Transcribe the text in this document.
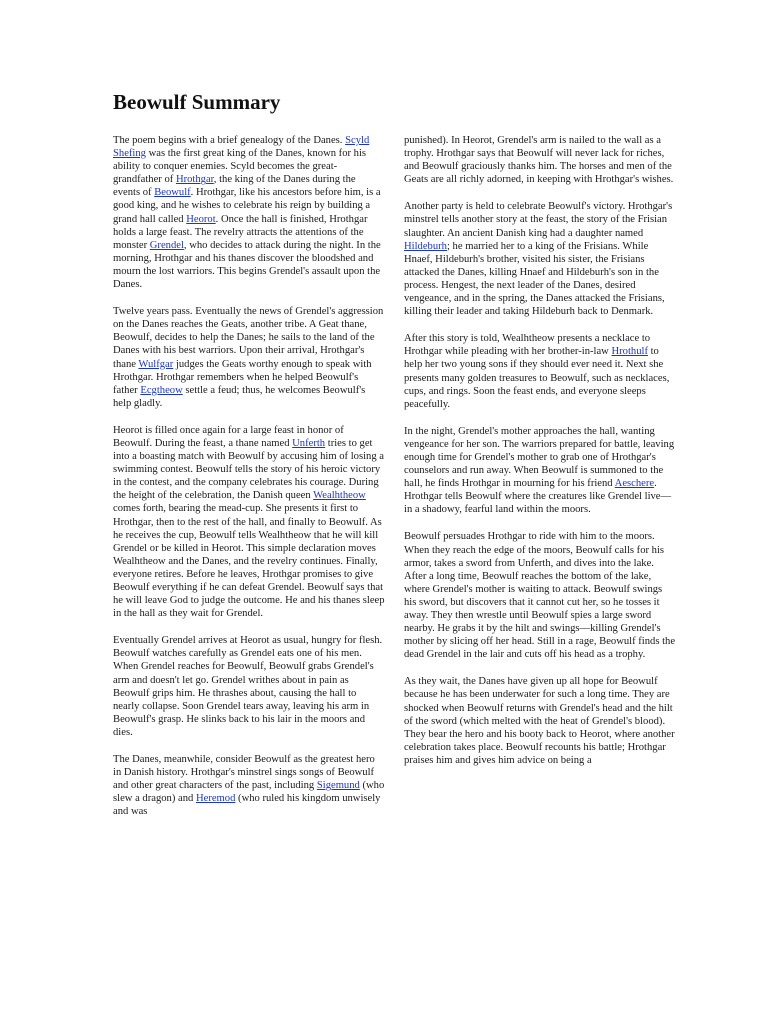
Beowulf Summary

The poem begins with a brief genealogy of the Danes. Scyld Shefing was the first great king of the Danes, known for his ability to conquer enemies. Scyld becomes the great-grandfather of Hrothgar, the king of the Danes during the events of Beowulf. Hrothgar, like his ancestors before him, is a good king, and he wishes to celebrate his reign by building a grand hall called Heorot. Once the hall is finished, Hrothgar holds a large feast. The revelry attracts the attentions of the monster Grendel, who decides to attack during the night. In the morning, Hrothgar and his thanes discover the bloodshed and mourn the lost warriors. This begins Grendel's assault upon the Danes.

Twelve years pass. Eventually the news of Grendel's aggression on the Danes reaches the Geats, another tribe. A Geat thane, Beowulf, decides to help the Danes; he sails to the land of the Danes with his best warriors. Upon their arrival, Hrothgar's thane Wulfgar judges the Geats worthy enough to speak with Hrothgar. Hrothgar remembers when he helped Beowulf's father Ecgtheow settle a feud; thus, he welcomes Beowulf's help gladly.

Heorot is filled once again for a large feast in honor of Beowulf. During the feast, a thane named Unferth tries to get into a boasting match with Beowulf by accusing him of losing a swimming contest. Beowulf tells the story of his heroic victory in the contest, and the company celebrates his courage. During the height of the celebration, the Danish queen Wealhtheow comes forth, bearing the mead-cup. She presents it first to Hrothgar, then to the rest of the hall, and finally to Beowulf. As he receives the cup, Beowulf tells Wealhtheow that he will kill Grendel or be killed in Heorot. This simple declaration moves Wealhtheow and the Danes, and the revelry continues. Finally, everyone retires. Before he leaves, Hrothgar promises to give Beowulf everything if he can defeat Grendel. Beowulf says that he will leave God to judge the outcome. He and his thanes sleep in the hall as they wait for Grendel.

Eventually Grendel arrives at Heorot as usual, hungry for flesh. Beowulf watches carefully as Grendel eats one of his men. When Grendel reaches for Beowulf, Beowulf grabs Grendel's arm and doesn't let go. Grendel writhes about in pain as Beowulf grips him. He thrashes about, causing the hall to nearly collapse. Soon Grendel tears away, leaving his arm in Beowulf's grasp. He slinks back to his lair in the moors and dies.

The Danes, meanwhile, consider Beowulf as the greatest hero in Danish history. Hrothgar's minstrel sings songs of Beowulf and other great characters of the past, including Sigemund (who slew a dragon) and Heremod (who ruled his kingdom unwisely and was

punished). In Heorot, Grendel's arm is nailed to the wall as a trophy. Hrothgar says that Beowulf will never lack for riches, and Beowulf graciously thanks him. The horses and men of the Geats are all richly adorned, in keeping with Hrothgar's wishes.

Another party is held to celebrate Beowulf's victory. Hrothgar's minstrel tells another story at the feast, the story of the Frisian slaughter. An ancient Danish king had a daughter named Hildeburh; he married her to a king of the Frisians. While Hnaef, Hildeburh's brother, visited his sister, the Frisians attacked the Danes, killing Hnaef and Hildeburh's son in the process. Hengest, the next leader of the Danes, desired vengeance, and in the spring, the Danes attacked the Frisians, killing their leader and taking Hildeburh back to Denmark.

After this story is told, Wealhtheow presents a necklace to Hrothgar while pleading with her brother-in-law Hrothulf to help her two young sons if they should ever need it. Next she presents many golden treasures to Beowulf, such as necklaces, cups, and rings. Soon the feast ends, and everyone sleeps peacefully.

In the night, Grendel's mother approaches the hall, wanting vengeance for her son. The warriors prepared for battle, leaving enough time for Grendel's mother to grab one of Hrothgar's counselors and run away. When Beowulf is summoned to the hall, he finds Hrothgar in mourning for his friend Aeschere. Hrothgar tells Beowulf where the creatures like Grendel live—in a shadowy, fearful land within the moors.

Beowulf persuades Hrothgar to ride with him to the moors. When they reach the edge of the moors, Beowulf calls for his armor, takes a sword from Unferth, and dives into the lake. After a long time, Beowulf reaches the bottom of the lake, where Grendel's mother is waiting to attack. Beowulf swings his sword, but discovers that it cannot cut her, so he tosses it away. They then wrestle until Beowulf spies a large sword nearby. He grabs it by the hilt and swings—killing Grendel's mother by slicing off her head. Still in a rage, Beowulf finds the dead Grendel in the lair and cuts off his head as a trophy.

As they wait, the Danes have given up all hope for Beowulf because he has been underwater for such a long time. They are shocked when Beowulf returns with Grendel's head and the hilt of the sword (which melted with the heat of Grendel's blood). They bear the hero and his booty back to Heorot, where another celebration takes place. Beowulf recounts his battle; Hrothgar praises him and gives him advice on being a
